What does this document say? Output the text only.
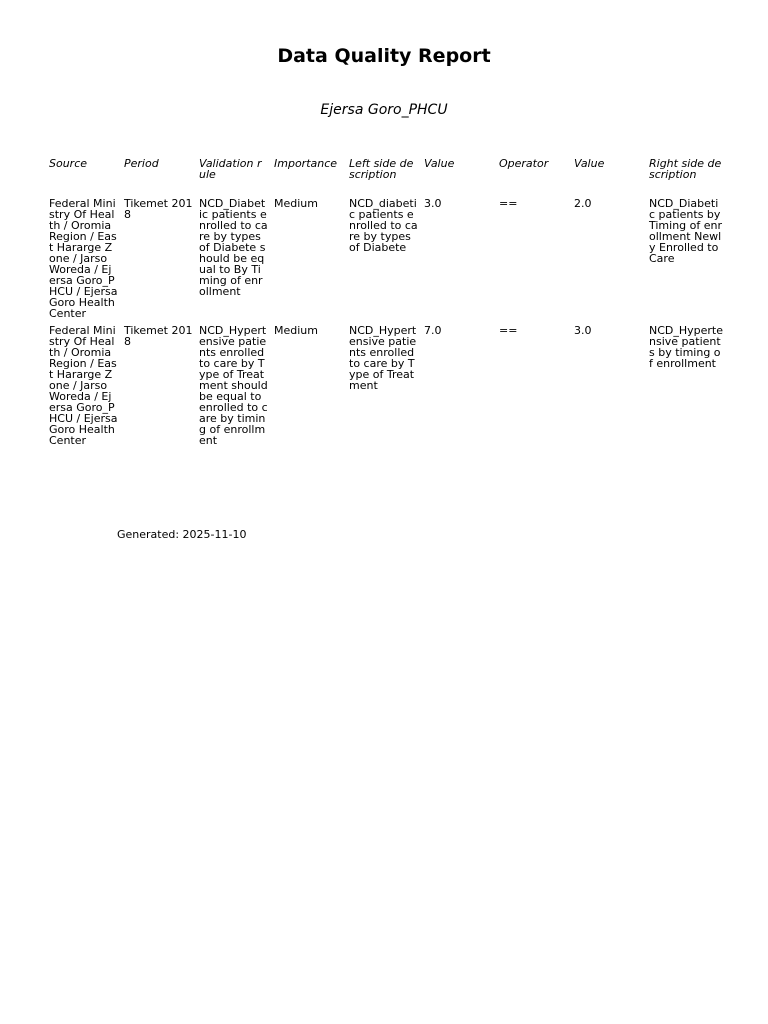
Data Quality Report
Ejersa Goro_PHCU
Source	Period	Validation rule	Importance	Left side description	Value	Operator	Value	Right side description
Federal Ministry Of Health / Oromia Region / East Hararge Zone / Jarso Woreda / Ejersa Goro_PHCU / Ejersa Goro Health Center	Tikemet 2018	NCD_Diabetic patients enrolled to care by types of Diabete should be equal to By Timing of enrollment	Medium	NCD_diabetic patients enrolled to care by types of Diabete	3.0	==	2.0	NCD_Diabetic patients by Timing of enrollment Newly Enrolled to Care
Federal Ministry Of Health / Oromia Region / East Hararge Zone / Jarso Woreda / Ejersa Goro_PHCU / Ejersa Goro Health Center	Tikemet 2018	NCD_Hypertensive patients enrolled to care by Type of Treatment should be equal to enrolled to care by timing of enrollment	Medium	NCD_Hypertensive patients enrolled to care by Type of Treatment	7.0	==	3.0	NCD_Hypertensive patients by timing of enrollment
Generated: 2025-11-10
